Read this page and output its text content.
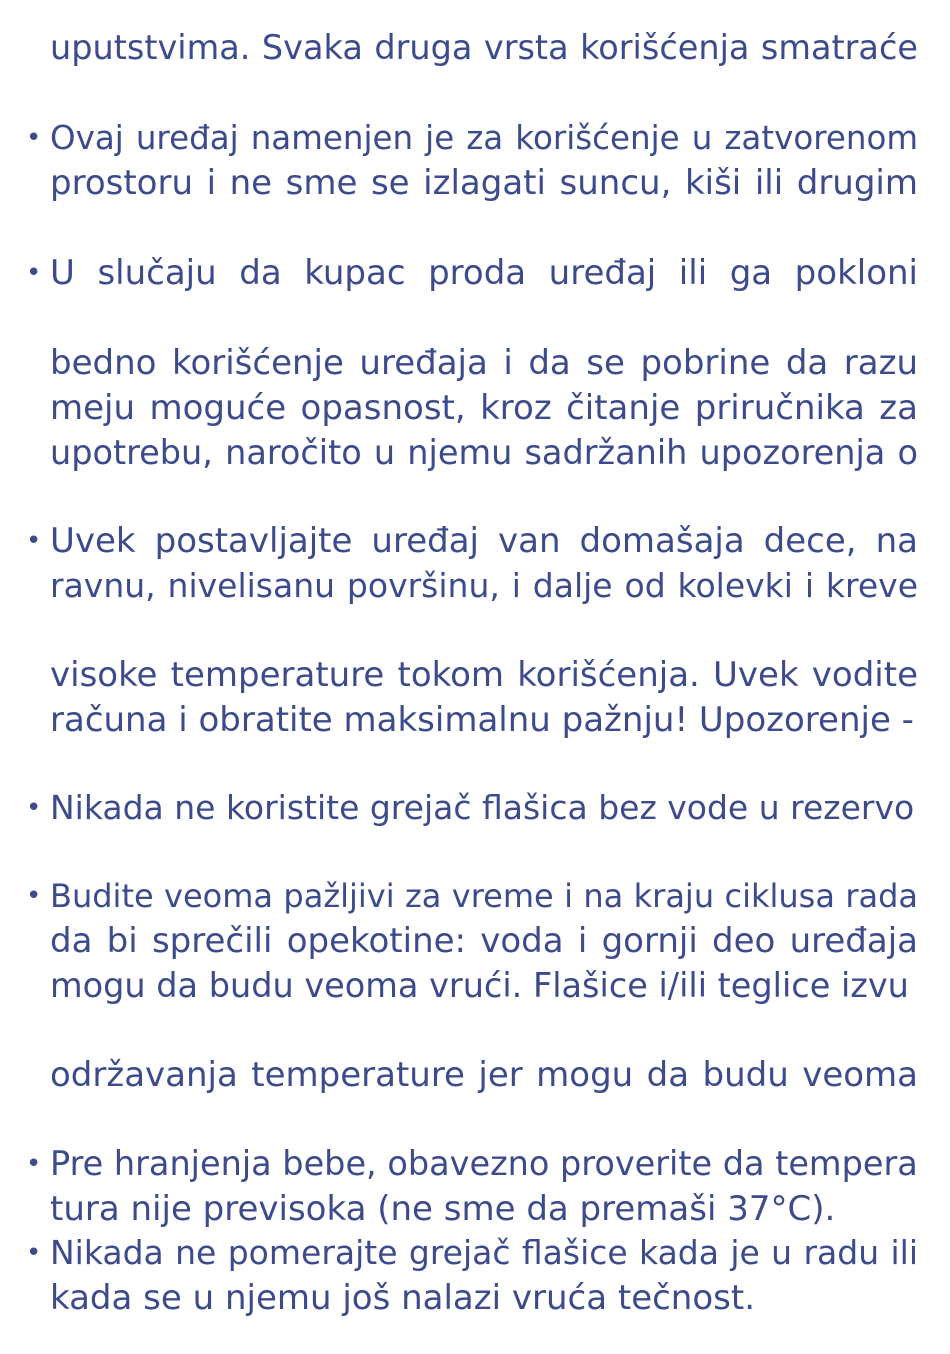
uputstvima. Svaka druga vrsta korišćenja smatraće
• Ovaj uređaj namenjen je za korišćenje u zatvorenom
prostoru i ne sme se izlagati suncu, kiši ili drugim
• U slučaju da kupac proda uređaj ili ga pokloni
bedno korišćenje uređaja i da se pobrine da razu
meju moguće opasnost, kroz čitanje priručnika za
upotrebu, naročito u njemu sadržanih upozorenja o
• Uvek postavljajte uređaj van domašaja dece, na
ravnu, nivelisanu površinu, i dalje od kolevki i kreve
visoke temperature tokom korišćenja. Uvek vodite
računa i obratite maksimalnu pažnju! Upozorenje -
• Nikada ne koristite grejač flašica bez vode u rezervo
• Budite veoma pažljivi za vreme i na kraju ciklusa rada
da bi sprečili opekotine: voda i gornji deo uređaja
mogu da budu veoma vrući. Flašice i/ili teglice izvu
održavanja temperature jer mogu da budu veoma
• Pre hranjenja bebe, obavezno proverite da tempera
tura nije previsoka (ne sme da premaši 37°C).
• Nikada ne pomerajte grejač flašice kada je u radu ili
kada se u njemu još nalazi vruća tečnost.
